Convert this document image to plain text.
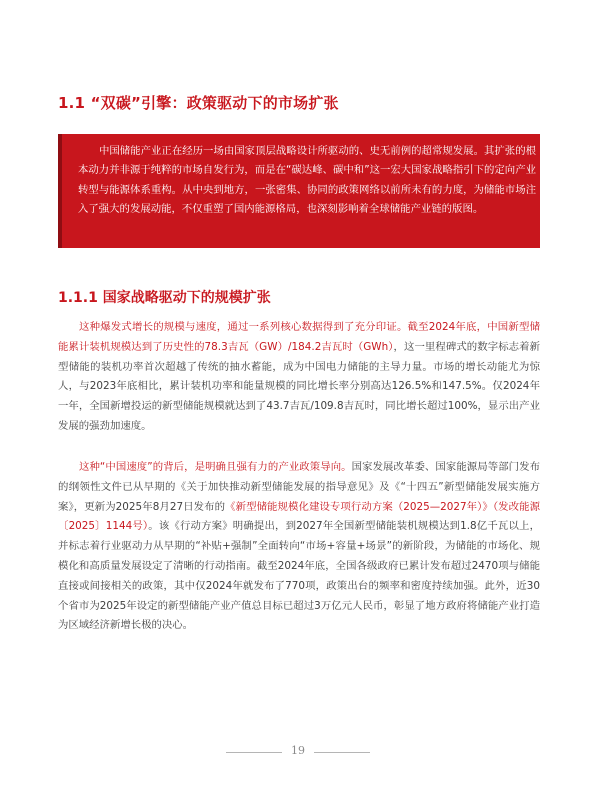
1.1 “双碳”引擎：政策驱动下的市场扩张
中国储能产业正在经历一场由国家顶层战略设计所驱动的、史无前例的超常规发展。其扩张的根本动力并非源于纯粹的市场自发行为，而是在“碳达峰、碳中和”这一宏大国家战略指引下的定向产业转型与能源体系重构。从中央到地方，一张密集、协同的政策网络以前所未有的力度，为储能市场注入了强大的发展动能，不仅重塑了国内能源格局，也深刻影响着全球储能产业链的版图。
1.1.1 国家战略驱动下的规模扩张
这种爆发式增长的规模与速度，通过一系列核心数据得到了充分印证。截至2024年底，中国新型储能累计装机规模达到了历史性的78.3吉瓦（GW）/184.2吉瓦时（GWh），这一里程碑式的数字标志着新型储能的装机功率首次超越了传统的抽水蓄能，成为中国电力储能的主导力量。市场的增长动能尤为惊人，与2023年底相比，累计装机功率和能量规模的同比增长率分别高达126.5%和147.5%。仅2024年一年，全国新增投运的新型储能规模就达到了43.7吉瓦/109.8吉瓦时，同比增长超过100%，显示出产业发展的强劲加速度。
这种“中国速度”的背后，是明确且强有力的产业政策导向。国家发展改革委、国家能源局等部门发布的纲领性文件已从早期的《关于加快推动新型储能发展的指导意见》及《“十四五”新型储能发展实施方案》，更新为2025年8月27日发布的《新型储能规模化建设专项行动方案（2025—2027年）》（发改能源〔2025〕1144号）。该《行动方案》明确提出，到2027年全国新型储能装机规模达到1.8亿千瓦以上，并标志着行业驱动力从早期的“补贴+强制”全面转向“市场+容量+场景”的新阶段，为储能的市场化、规模化和高质量发展设定了清晰的行动指南。截至2024年底，全国各级政府已累计发布超过2470项与储能直接或间接相关的政策，其中仅2024年就发布了770项，政策出台的频率和密度持续加强。此外，近30个省市为2025年设定的新型储能产业产值总目标已超过3万亿元人民币，彰显了地方政府将储能产业打造为区域经济新增长极的决心。
19
